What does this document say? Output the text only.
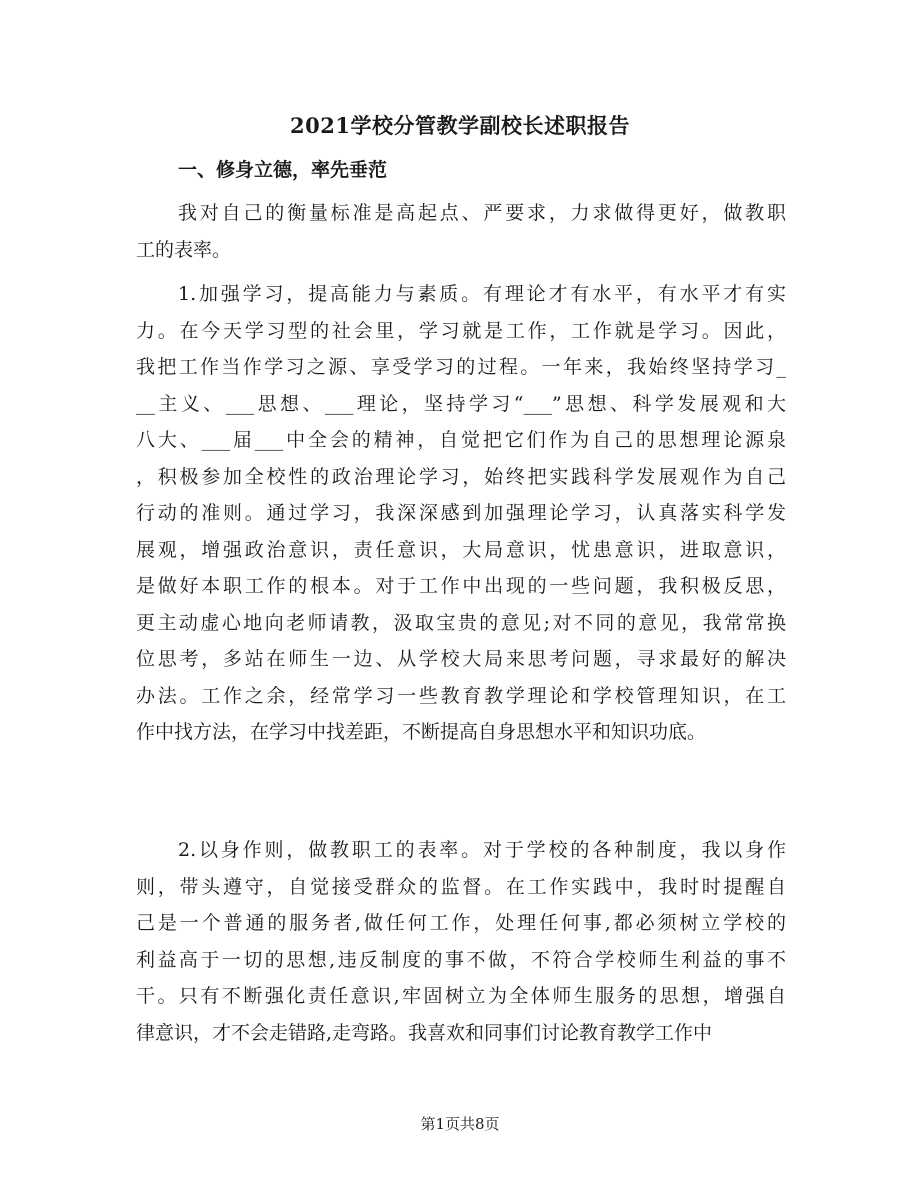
2021学校分管教学副校长述职报告
一、修身立德，率先垂范
我对自己的衡量标准是高起点、严要求，力求做得更好，做教职
工的表率。
1.加强学习，提高能力与素质。有理论才有水平，有水平才有实
力。在今天学习型的社会里，学习就是工作，工作就是学习。因此，
我把工作当作学习之源、享受学习的过程。一年来，我始终坚持学习_
__主义、___思想、___理论，坚持学习“___”思想、科学发展观和大
八大、___届___中全会的精神，自觉把它们作为自己的思想理论源泉
，积极参加全校性的政治理论学习，始终把实践科学发展观作为自己
行动的准则。通过学习，我深深感到加强理论学习，认真落实科学发
展观，增强政治意识，责任意识，大局意识，忧患意识，进取意识，
是做好本职工作的根本。对于工作中出现的一些问题，我积极反思，
更主动虚心地向老师请教，汲取宝贵的意见;对不同的意见，我常常换
位思考，多站在师生一边、从学校大局来思考问题，寻求最好的解决
办法。工作之余，经常学习一些教育教学理论和学校管理知识，在工
作中找方法，在学习中找差距，不断提高自身思想水平和知识功底。
2.以身作则，做教职工的表率。对于学校的各种制度，我以身作
则，带头遵守，自觉接受群众的监督。在工作实践中，我时时提醒自
己是一个普通的服务者,做任何工作，处理任何事,都必须树立学校的
利益高于一切的思想,违反制度的事不做，不符合学校师生利益的事不
干。只有不断强化责任意识,牢固树立为全体师生服务的思想，增强自
律意识，才不会走错路,走弯路。我喜欢和同事们讨论教育教学工作中
第1页共8页
